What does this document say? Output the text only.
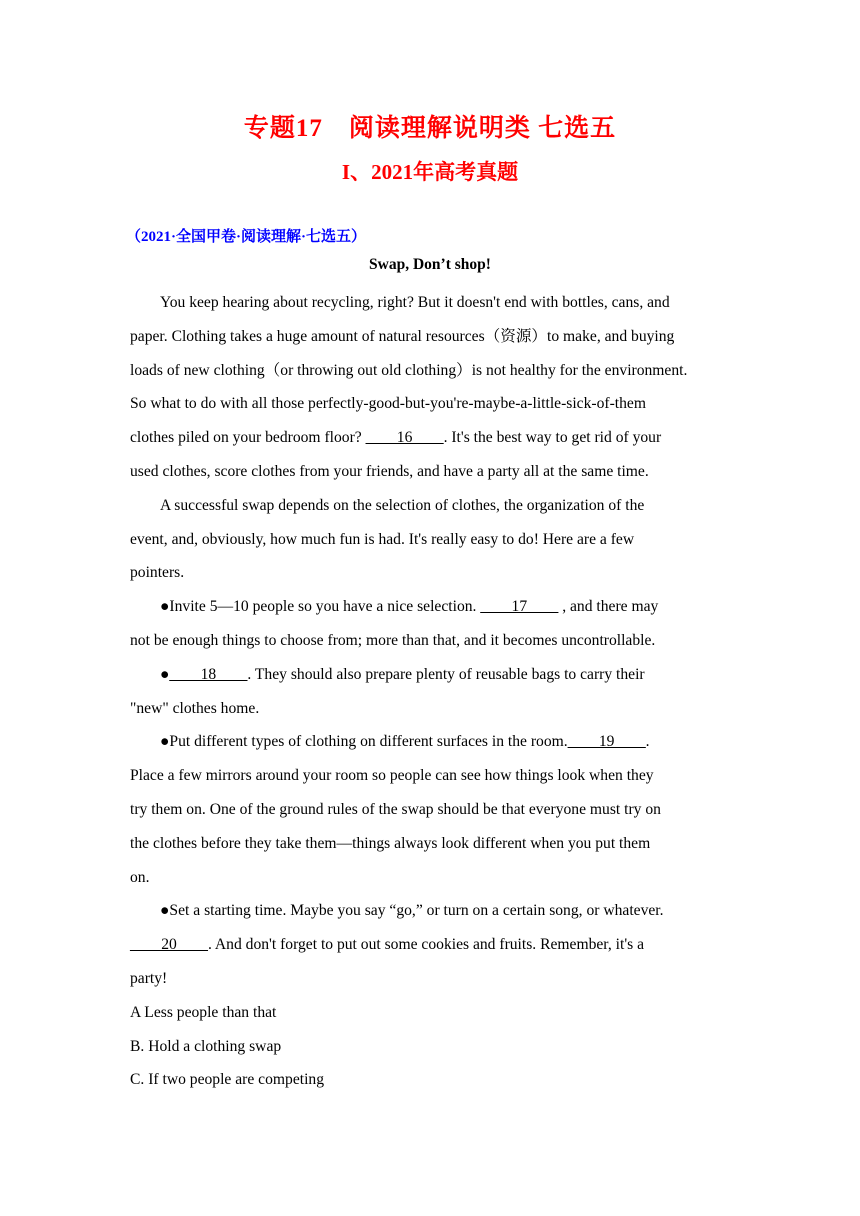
专题17　阅读理解说明类 七选五
I、2021年高考真题
（2021·全国甲卷·阅读理解·七选五）
Swap, Don’t shop!
You keep hearing about recycling, right? But it doesn't end with bottles, cans, and
paper. Clothing takes a huge amount of natural resources（资源）to make, and buying
loads of new clothing（or throwing out old clothing）is not healthy for the environment.
So what to do with all those perfectly-good-but-you're-maybe-a-little-sick-of-them
clothes piled on your bedroom floor? ____16____. It's the best way to get rid of your
used clothes, score clothes from your friends, and have a party all at the same time.
A successful swap depends on the selection of clothes, the organization of the
event, and, obviously, how much fun is had. It's really easy to do! Here are a few
pointers.
●Invite 5—10 people so you have a nice selection. ____17____ , and there may
not be enough things to choose from; more than that, and it becomes uncontrollable.
●____18____. They should also prepare plenty of reusable bags to carry their
"new" clothes home.
●Put different types of clothing on different surfaces in the room.____19____.
Place a few mirrors around your room so people can see how things look when they
try them on. One of the ground rules of the swap should be that everyone must try on
the clothes before they take them—things always look different when you put them
on.
●Set a starting time. Maybe you say “go,” or turn on a certain song, or whatever.
____20____. And don't forget to put out some cookies and fruits. Remember, it's a
party!
A Less people than that
B. Hold a clothing swap
C. If two people are competing
